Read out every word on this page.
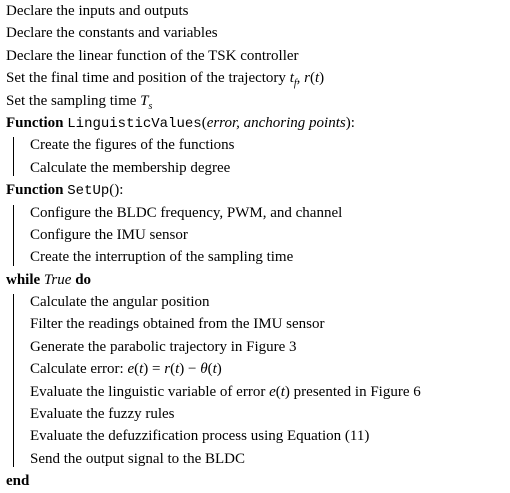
Declare the inputs and outputs
Declare the constants and variables
Declare the linear function of the TSK controller
Set the final time and position of the trajectory
$t_f$, r(t)
Set the sampling time
$T_s$
Function
LinguisticValues ( error, anchoring points ):
Create the figures of the functions
Calculate the membership degree
Function
SetUp ( ):
Configure the BLDC frequency, PWM, and channel
Configure the IMU sensor
Create the interruption of the sampling time
while
True
do
Calculate the angular position
Filter the readings obtained from the IMU sensor
Generate the parabolic trajectory in Figure 3
Calculate error:
e(t) = r(t) − θ(t)
Evaluate the linguistic variable of error
e(t)
presented in Figure 6
Evaluate the fuzzy rules
Evaluate the defuzzification process using Equation (11)
Send the output signal to the BLDC
end
